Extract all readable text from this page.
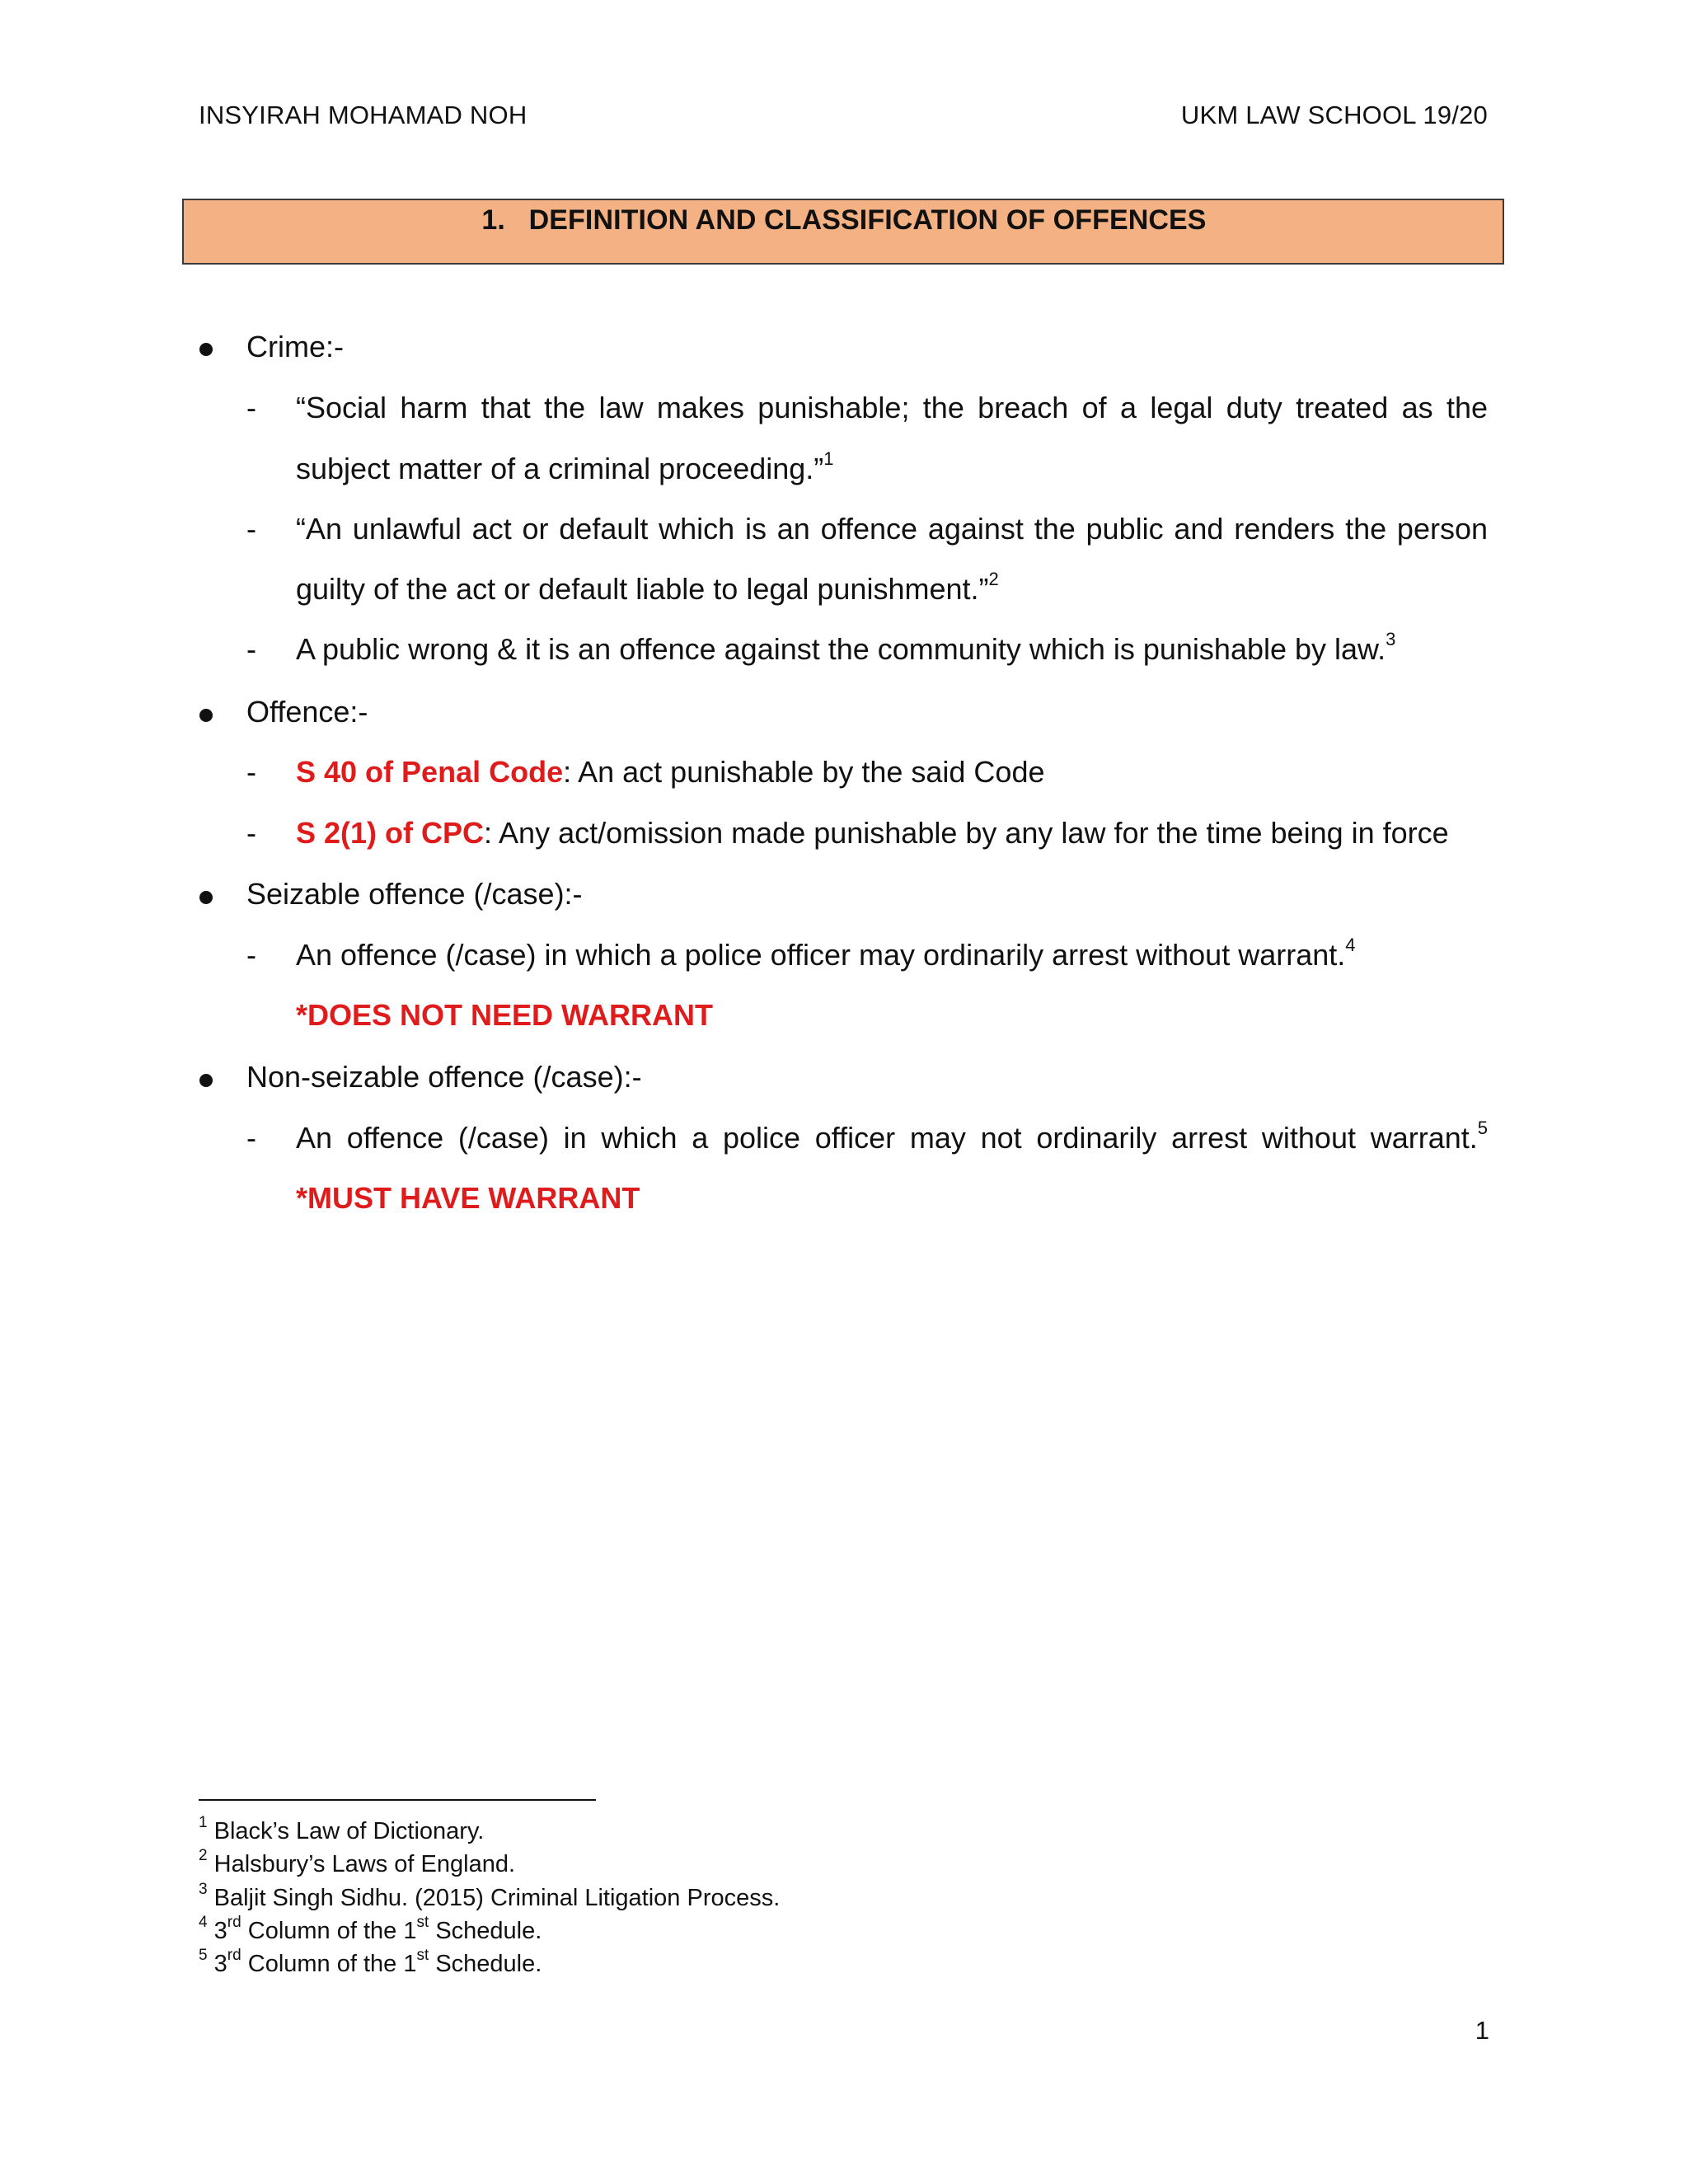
INSYIRAH MOHAMAD NOH	UKM LAW SCHOOL 19/20
1. DEFINITION AND CLASSIFICATION OF OFFENCES
Crime:-
- “Social harm that the law makes punishable; the breach of a legal duty treated as the
subject matter of a criminal proceeding.”$^1$
- “An unlawful act or default which is an offence against the public and renders the person
guilty of the act or default liable to legal punishment.”$^2$
- A public wrong & it is an offence against the community which is punishable by law.$^3$
Offence:-
- S 40 of Penal Code: An act punishable by the said Code
- S 2(1) of CPC: Any act/omission made punishable by any law for the time being in force
Seizable offence (/case):-
- An offence (/case) in which a police officer may ordinarily arrest without warrant.$^4$
*DOES NOT NEED WARRANT
Non-seizable offence (/case):-
- An offence (/case) in which a police officer may not ordinarily arrest without warrant.$^5$
*MUST HAVE WARRANT
$^1$ Black’s Law of Dictionary.
$^2$ Halsbury’s Laws of England.
$^3$ Baljit Singh Sidhu. (2015) Criminal Litigation Process.
$^4$ 3rd Column of the 1st Schedule.
$^5$ 3rd Column of the 1st Schedule.
1
